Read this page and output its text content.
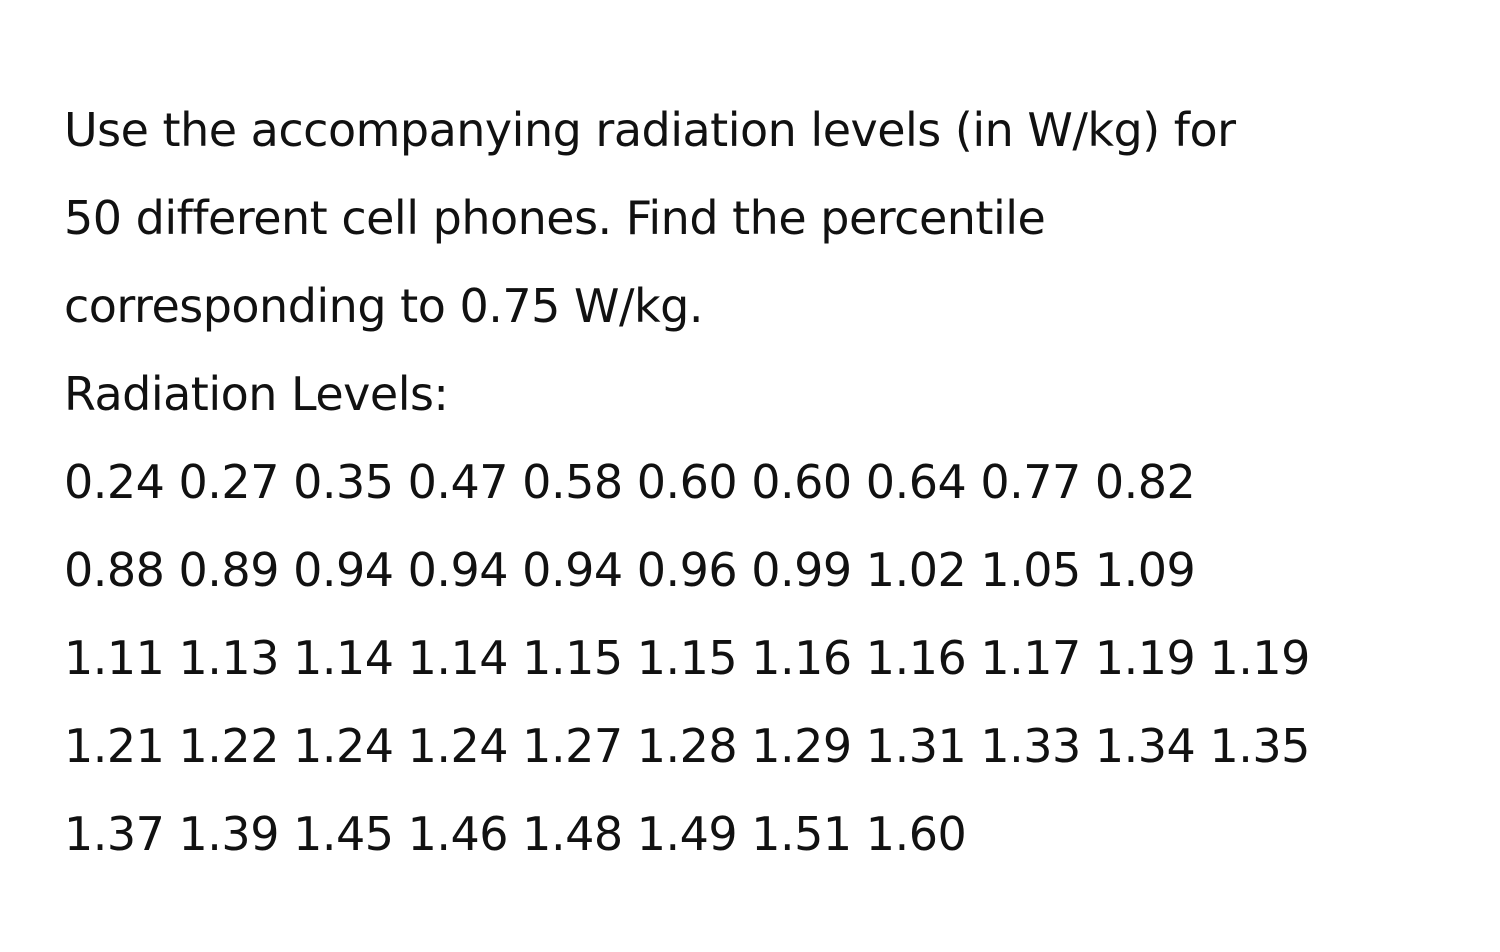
Use the accompanying radiation levels (in W/kg) for
50 different cell phones. Find the percentile
corresponding to 0.75 W/kg.
Radiation Levels:
0.24 0.27 0.35 0.47 0.58 0.60 0.60 0.64 0.77 0.82
0.88 0.89 0.94 0.94 0.94 0.96 0.99 1.02 1.05 1.09
1.11 1.13 1.14 1.14 1.15 1.15 1.16 1.16 1.17 1.19 1.19
1.21 1.22 1.24 1.24 1.27 1.28 1.29 1.31 1.33 1.34 1.35
1.37 1.39 1.45 1.46 1.48 1.49 1.51 1.60
